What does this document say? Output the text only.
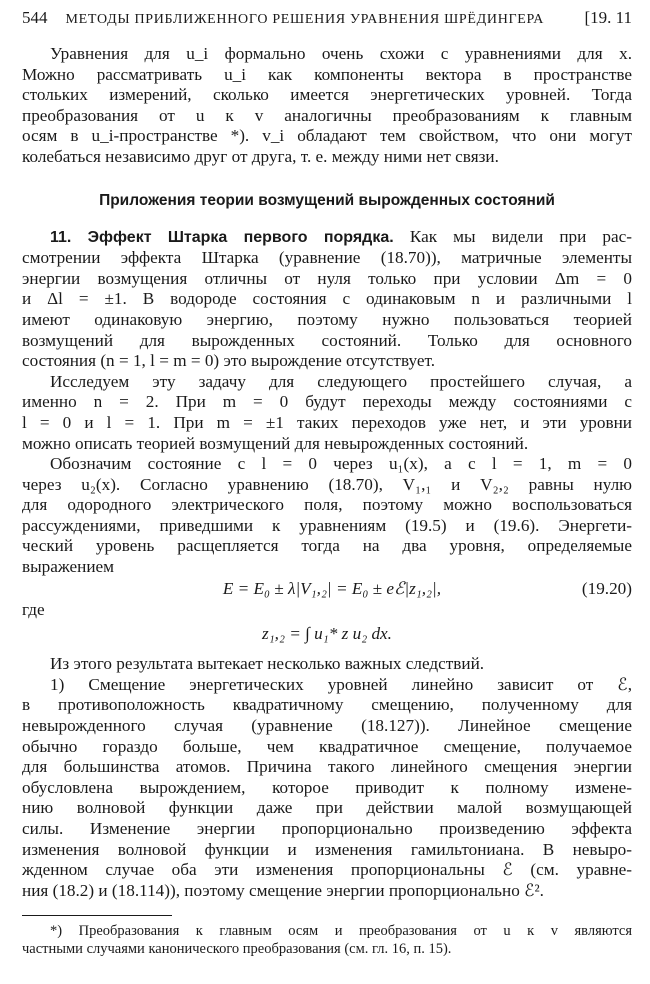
544 МЕТОДЫ ПРИБЛИЖЕННОГО РЕШЕНИЯ УРАВНЕНИЯ ШРЁДИНГЕРА	[19. 11
Уравнения для u_i формально очень схожи с уравнениями для x.
Можно рассматривать u_i как компоненты вектора в пространстве
стольких измерений, сколько имеется энергетических уровней. Тогда
преобразования от u к v аналогичны преобразованиям к главным
осям в u_i-пространстве *). v_i обладают тем свойством, что они могут
колебаться независимо друг от друга, т. е. между ними нет связи.
Приложения теории возмущений вырожденных состояний
11. Эффект Штарка первого порядка. Как мы видели при рас-
смотрении эффекта Штарка (уравнение (18.70)), матричные элементы
энергии возмущения отличны от нуля только при условии Δm = 0
и Δl = ±1. В водороде состояния с одинаковым n и различными l
имеют одинаковую энергию, поэтому нужно пользоваться теорией
возмущений для вырожденных состояний. Только для основного
состояния (n = 1, l = m = 0) это вырождение отсутствует.
Исследуем эту задачу для следующего простейшего случая, а
именно n = 2. При m = 0 будут переходы между состояниями с
l = 0 и l = 1. При m = ±1 таких переходов уже нет, и эти уровни
можно описать теорией возмущений для невырожденных состояний.
Обозначим состояние с l = 0 через u₁(x), а с l = 1, m = 0
через u₂(x). Согласно уравнению (18.70), V₁,₁ и V₂,₂ равны нулю
для одородного электрического поля, поэтому можно воспользоваться
рассуждениями, приведшими к уравнениям (19.5) и (19.6). Энергети-
ческий уровень расщепляется тогда на два уровня, определяемые
выражением
E = E₀ ± λ|V₁,₂| = E₀ ± eℰ|z₁,₂|,	(19.20)
где
z₁,₂ = ∫ u₁* z u₂ dx.
Из этого результата вытекает несколько важных следствий.
1) Смещение энергетических уровней линейно зависит от ℰ,
в противоположность квадратичному смещению, полученному для
невырожденного случая (уравнение (18.127)). Линейное смещение
обычно гораздо больше, чем квадратичное смещение, получаемое
для большинства атомов. Причина такого линейного смещения энергии
обусловлена вырождением, которое приводит к полному измене-
нию волновой функции даже при действии малой возмущающей
силы. Изменение энергии пропорционально произведению эффекта
изменения волновой функции и изменения гамильтониана. В невыро-
жденном случае оба эти изменения пропорциональны ℰ (см. уравне-
ния (18.2) и (18.114)), поэтому смещение энергии пропорционально ℰ².
*) Преобразования к главным осям и преобразования от u к v являются
частными случаями канонического преобразования (см. гл. 16, п. 15).
